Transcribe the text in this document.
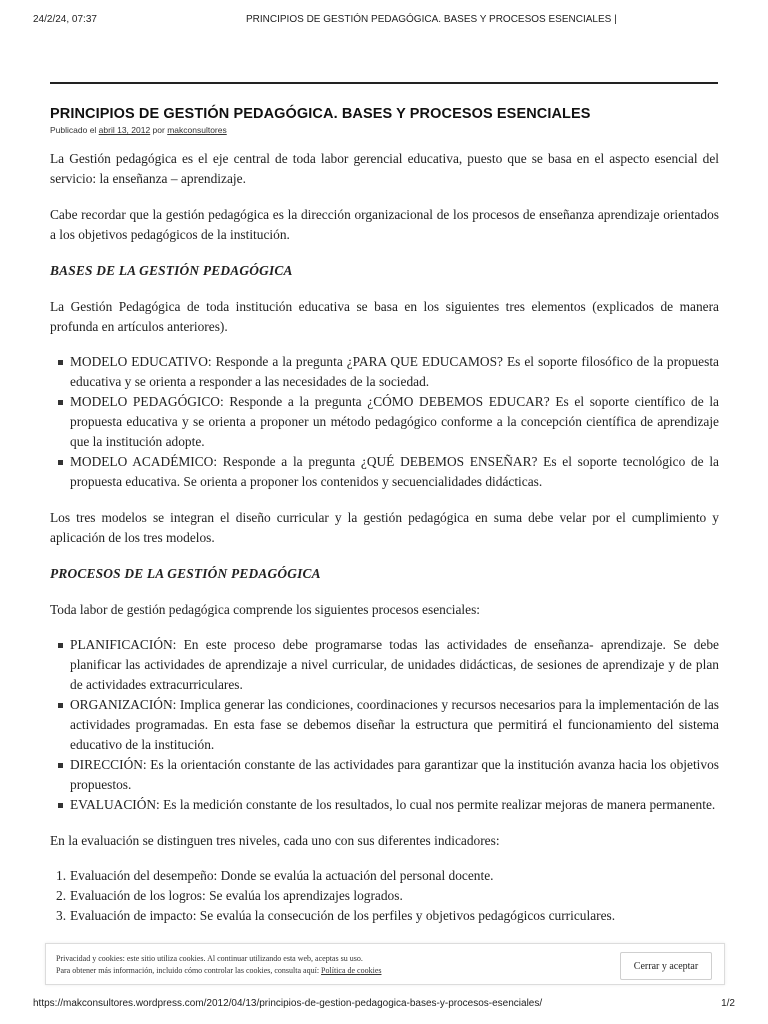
24/2/24, 07:37	PRINCIPIOS DE GESTIÓN PEDAGÓGICA. BASES Y PROCESOS ESENCIALES |
PRINCIPIOS DE GESTIÓN PEDAGÓGICA. BASES Y PROCESOS ESENCIALES
Publicado el abril 13, 2012 por makconsultores

La Gestión pedagógica es el eje central de toda labor gerencial educativa, puesto que se basa en el aspecto esencial del servicio: la enseñanza – aprendizaje.

Cabe recordar que la gestión pedagógica es la dirección organizacional de los procesos de enseñanza aprendizaje orientados a los objetivos pedagógicos de la institución.

BASES DE LA GESTIÓN PEDAGÓGICA

La Gestión Pedagógica de toda institución educativa se basa en los siguientes tres elementos (explicados de manera profunda en artículos anteriores).

MODELO EDUCATIVO: Responde a la pregunta ¿PARA QUE EDUCAMOS? Es el soporte filosófico de la propuesta educativa y se orienta a responder a las necesidades de la sociedad.
MODELO PEDAGÓGICO: Responde a la pregunta ¿CÓMO DEBEMOS EDUCAR? Es el soporte científico de la propuesta educativa y se orienta a proponer un método pedagógico conforme a la concepción científica de aprendizaje que la institución adopte.
MODELO ACADÉMICO: Responde a la pregunta ¿QUÉ DEBEMOS ENSEÑAR? Es el soporte tecnológico de la propuesta educativa. Se orienta a proponer los contenidos y secuencialidades didácticas.

Los tres modelos se integran el diseño curricular y la gestión pedagógica en suma debe velar por el cumplimiento y aplicación de los tres modelos.

PROCESOS DE LA GESTIÓN PEDAGÓGICA

Toda labor de gestión pedagógica comprende los siguientes procesos esenciales:

PLANIFICACIÓN: En este proceso debe programarse todas las actividades de enseñanza- aprendizaje. Se debe planificar las actividades de aprendizaje a nivel curricular, de unidades didácticas, de sesiones de aprendizaje y de plan de actividades extracurriculares.
ORGANIZACIÓN: Implica generar las condiciones, coordinaciones y recursos necesarios para la implementación de las actividades programadas. En esta fase se debemos diseñar la estructura que permitirá el funcionamiento del sistema educativo de la institución.
DIRECCIÓN: Es la orientación constante de las actividades para garantizar que la institución avanza hacia los objetivos propuestos.
EVALUACIÓN: Es la medición constante de los resultados, lo cual nos permite realizar mejoras de manera permanente.

En la evaluación se distinguen tres niveles, cada uno con sus diferentes indicadores:

1. Evaluación del desempeño: Donde se evalúa la actuación del personal docente.
2. Evaluación de los logros: Se evalúa los aprendizajes logrados.
3. Evaluación de impacto: Se evalúa la consecución de los perfiles y objetivos pedagógicos curriculares.
Privacidad y cookies: este sitio utiliza cookies. Al continuar utilizando esta web, aceptas su uso.
Para obtener más información, incluido cómo controlar las cookies, consulta aquí: Política de cookies	Cerrar y aceptar
https://makconsultores.wordpress.com/2012/04/13/principios-de-gestion-pedagogica-bases-y-procesos-esenciales/	1/2
